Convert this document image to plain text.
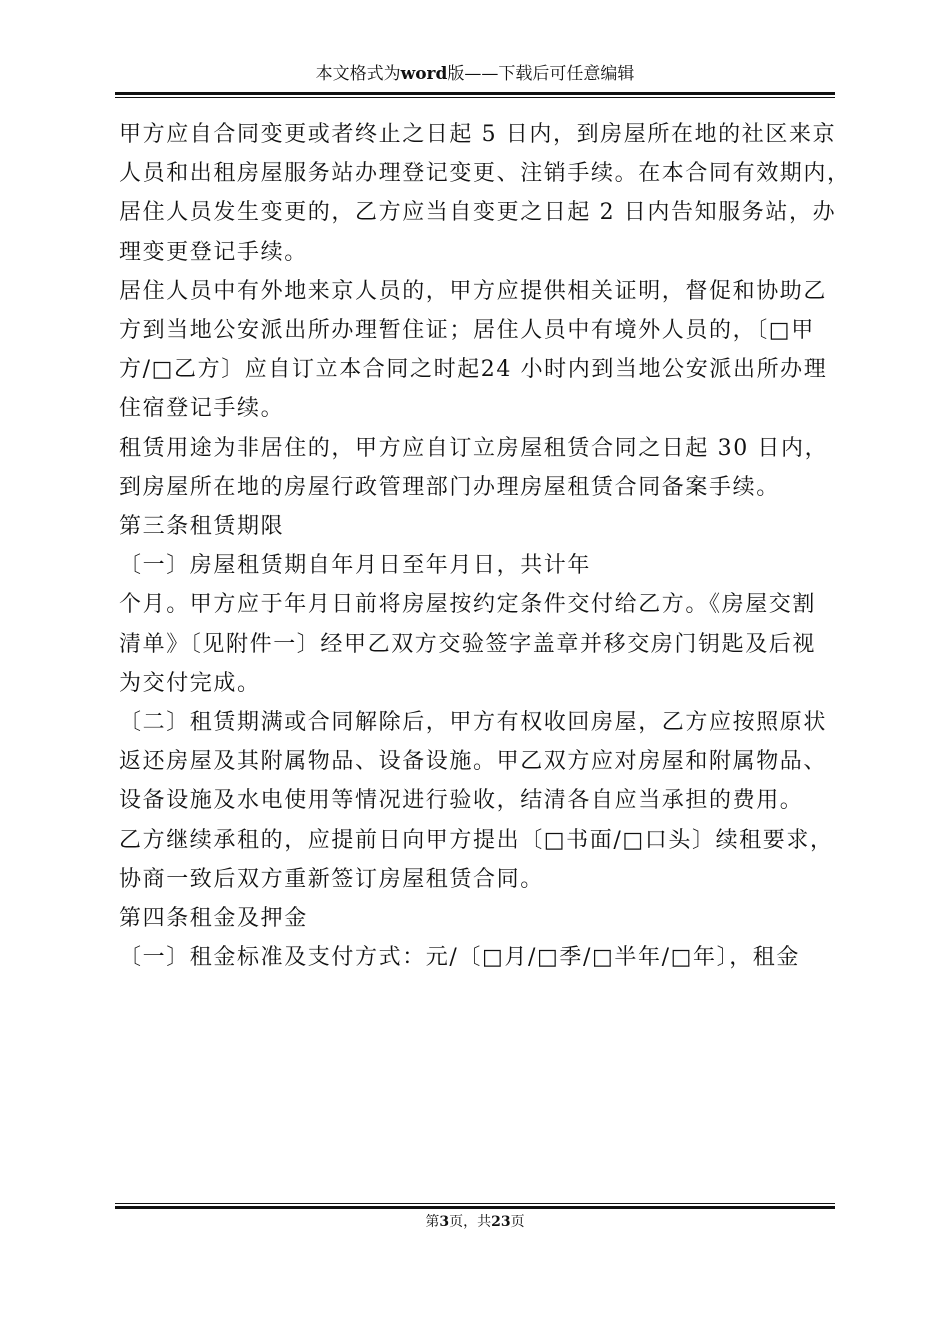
本文格式为word版——下载后可任意编辑

甲方应自合同变更或者终止之日起 5 日内，到房屋所在地的社区来京

人员和出租房屋服务站办理登记变更、注销手续。在本合同有效期内，

居住人员发生变更的，乙方应当自变更之日起 2 日内告知服务站，办

理变更登记手续。

居住人员中有外地来京人员的，甲方应提供相关证明，督促和协助乙

方到当地公安派出所办理暂住证；居住人员中有境外人员的，〔□甲

方/□乙方〕应自订立本合同之时起24 小时内到当地公安派出所办理

住宿登记手续。

租赁用途为非居住的，甲方应自订立房屋租赁合同之日起 30 日内，

到房屋所在地的房屋行政管理部门办理房屋租赁合同备案手续。

第三条租赁期限

〔一〕房屋租赁期自年月日至年月日，共计年

个月。甲方应于年月日前将房屋按约定条件交付给乙方。《房屋交割

清单》〔见附件一〕经甲乙双方交验签字盖章并移交房门钥匙及后视

为交付完成。

〔二〕租赁期满或合同解除后，甲方有权收回房屋，乙方应按照原状

返还房屋及其附属物品、设备设施。甲乙双方应对房屋和附属物品、

设备设施及水电使用等情况进行验收，结清各自应当承担的费用。

乙方继续承租的，应提前日向甲方提出〔□书面/□口头〕续租要求，

协商一致后双方重新签订房屋租赁合同。

第四条租金及押金

〔一〕租金标准及支付方式：元/〔□月/□季/□半年/□年〕，租金

第3页，共23页
